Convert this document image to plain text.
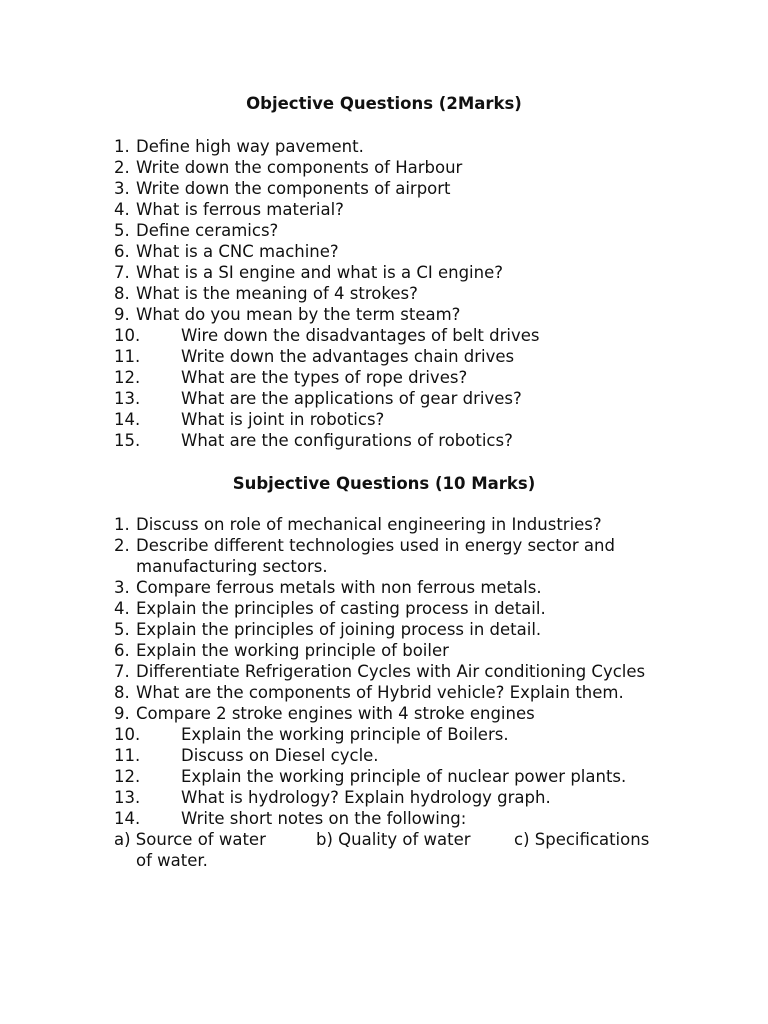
Objective Questions (2Marks)
1. Define high way pavement.
2. Write down the components of Harbour
3. Write down the components of airport
4. What is ferrous material?
5. Define ceramics?
6. What is a CNC machine?
7. What is a SI engine and what is a CI engine?
8. What is the meaning of 4 strokes?
9. What do you mean by the term steam?
10. Wire down the disadvantages of belt drives
11. Write down the advantages chain drives
12. What are the types of rope drives?
13. What are the applications of gear drives?
14. What is joint in robotics?
15. What are the configurations of robotics?
Subjective Questions (10 Marks)
1. Discuss on role of mechanical engineering in Industries?
2. Describe different technologies used in energy sector and manufacturing sectors.
3. Compare ferrous metals with non ferrous metals.
4. Explain the principles of casting process in detail.
5. Explain the principles of joining process in detail.
6. Explain the working principle of boiler
7. Differentiate Refrigeration Cycles with Air conditioning Cycles
8. What are the components of Hybrid vehicle? Explain them.
9. Compare 2 stroke engines with 4 stroke engines
10. Explain the working principle of Boilers.
11. Discuss on Diesel cycle.
12. Explain the working principle of nuclear power plants.
13. What is hydrology? Explain hydrology graph.
14. Write short notes on the following:
a) Source of water	b) Quality of water	c) Specifications

of water.
